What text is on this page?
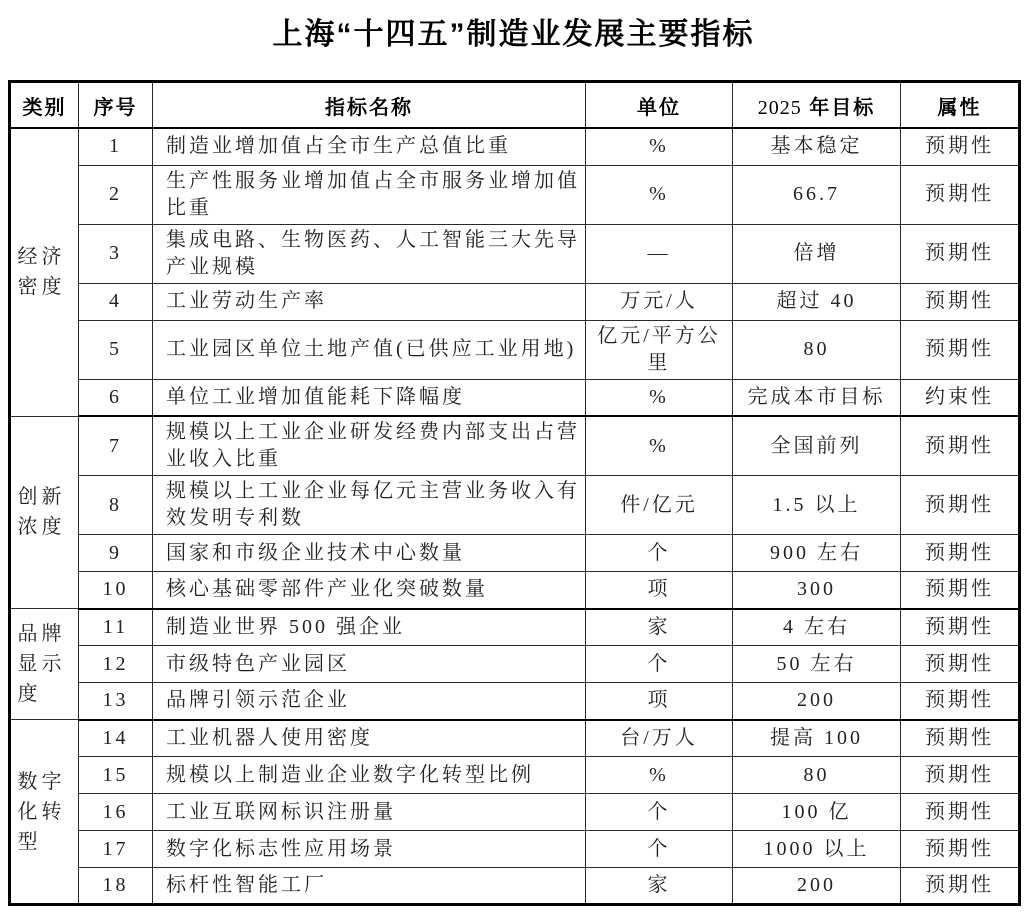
上海“十四五”制造业发展主要指标
类别	序号	指标名称	单位	2025 年目标	属性
经济密度	1	制造业增加值占全市生产总值比重	%	基本稳定	预期性
	2	生产性服务业增加值占全市服务业增加值比重	%	66.7	预期性
	3	集成电路、生物医药、人工智能三大先导产业规模	—	倍增	预期性
	4	工业劳动生产率	万元/人	超过 40	预期性
	5	工业园区单位土地产值(已供应工业用地)	亿元/平方公里	80	预期性
	6	单位工业增加值能耗下降幅度	%	完成本市目标	约束性
创新浓度	7	规模以上工业企业研发经费内部支出占营业收入比重	%	全国前列	预期性
	8	规模以上工业企业每亿元主营业务收入有效发明专利数	件/亿元	1.5 以上	预期性
	9	国家和市级企业技术中心数量	个	900 左右	预期性
	10	核心基础零部件产业化突破数量	项	300	预期性
品牌显示度	11	制造业世界 500 强企业	家	4 左右	预期性
	12	市级特色产业园区	个	50 左右	预期性
	13	品牌引领示范企业	项	200	预期性
数字化转型	14	工业机器人使用密度	台/万人	提高 100	预期性
	15	规模以上制造业企业数字化转型比例	%	80	预期性
	16	工业互联网标识注册量	个	100 亿	预期性
	17	数字化标志性应用场景	个	1000 以上	预期性
	18	标杆性智能工厂	家	200	预期性
